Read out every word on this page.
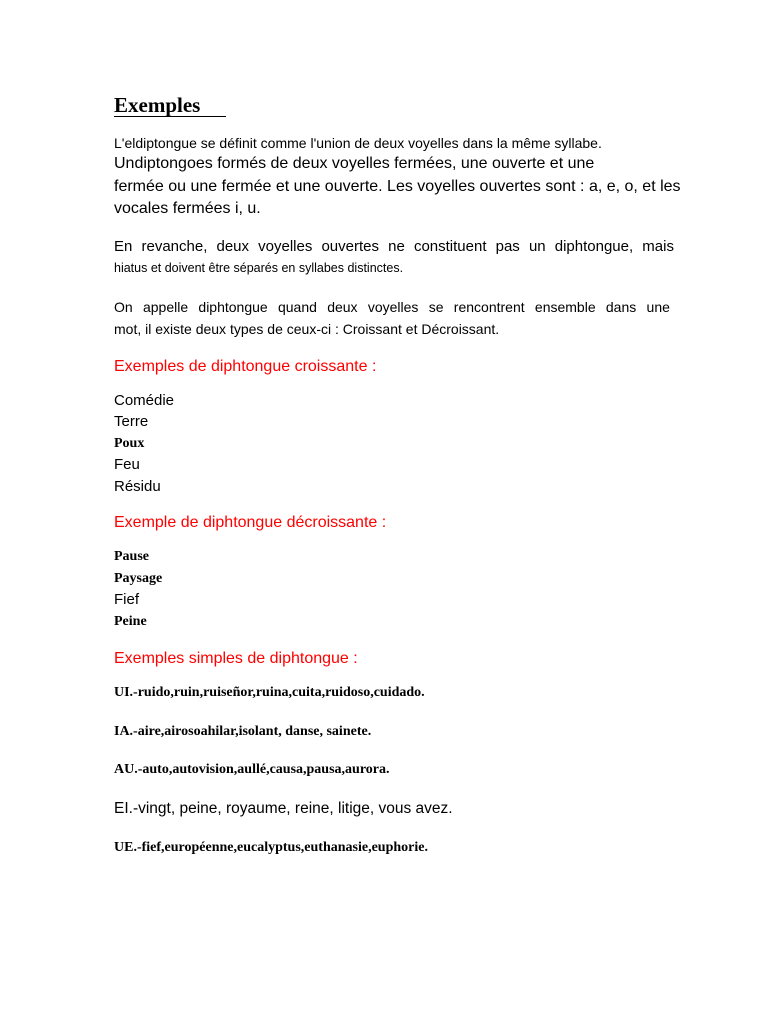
Exemples
L'eldiptongue se définit comme l'union de deux voyelles dans la même syllabe.
Undiptongoes formés de deux voyelles fermées, une ouverte et une
fermée ou une fermée et une ouverte. Les voyelles ouvertes sont : a, e, o, et les
vocales fermées i, u.
En revanche, deux voyelles ouvertes ne constituent pas un diphtongue, mais
hiatus et doivent être séparés en syllabes distinctes.
On appelle diphtongue quand deux voyelles se rencontrent ensemble dans une
mot, il existe deux types de ceux-ci : Croissant et Décroissant.
Exemples de diphtongue croissante :
Comédie
Terre
Poux
Feu
Résidu
Exemple de diphtongue décroissante :
Pause
Paysage
Fief
Peine
Exemples simples de diphtongue :
UI.-ruido,ruin,ruiseñor,ruina,cuita,ruidoso,cuidado.
IA.-aire,airosoahilar,isolant, danse, sainete.
AU.-auto,autovision,aullé,causa,pausa,aurora.
EI.-vingt, peine, royaume, reine, litige, vous avez.
UE.-fief,européenne,eucalyptus,euthanasie,euphorie.
